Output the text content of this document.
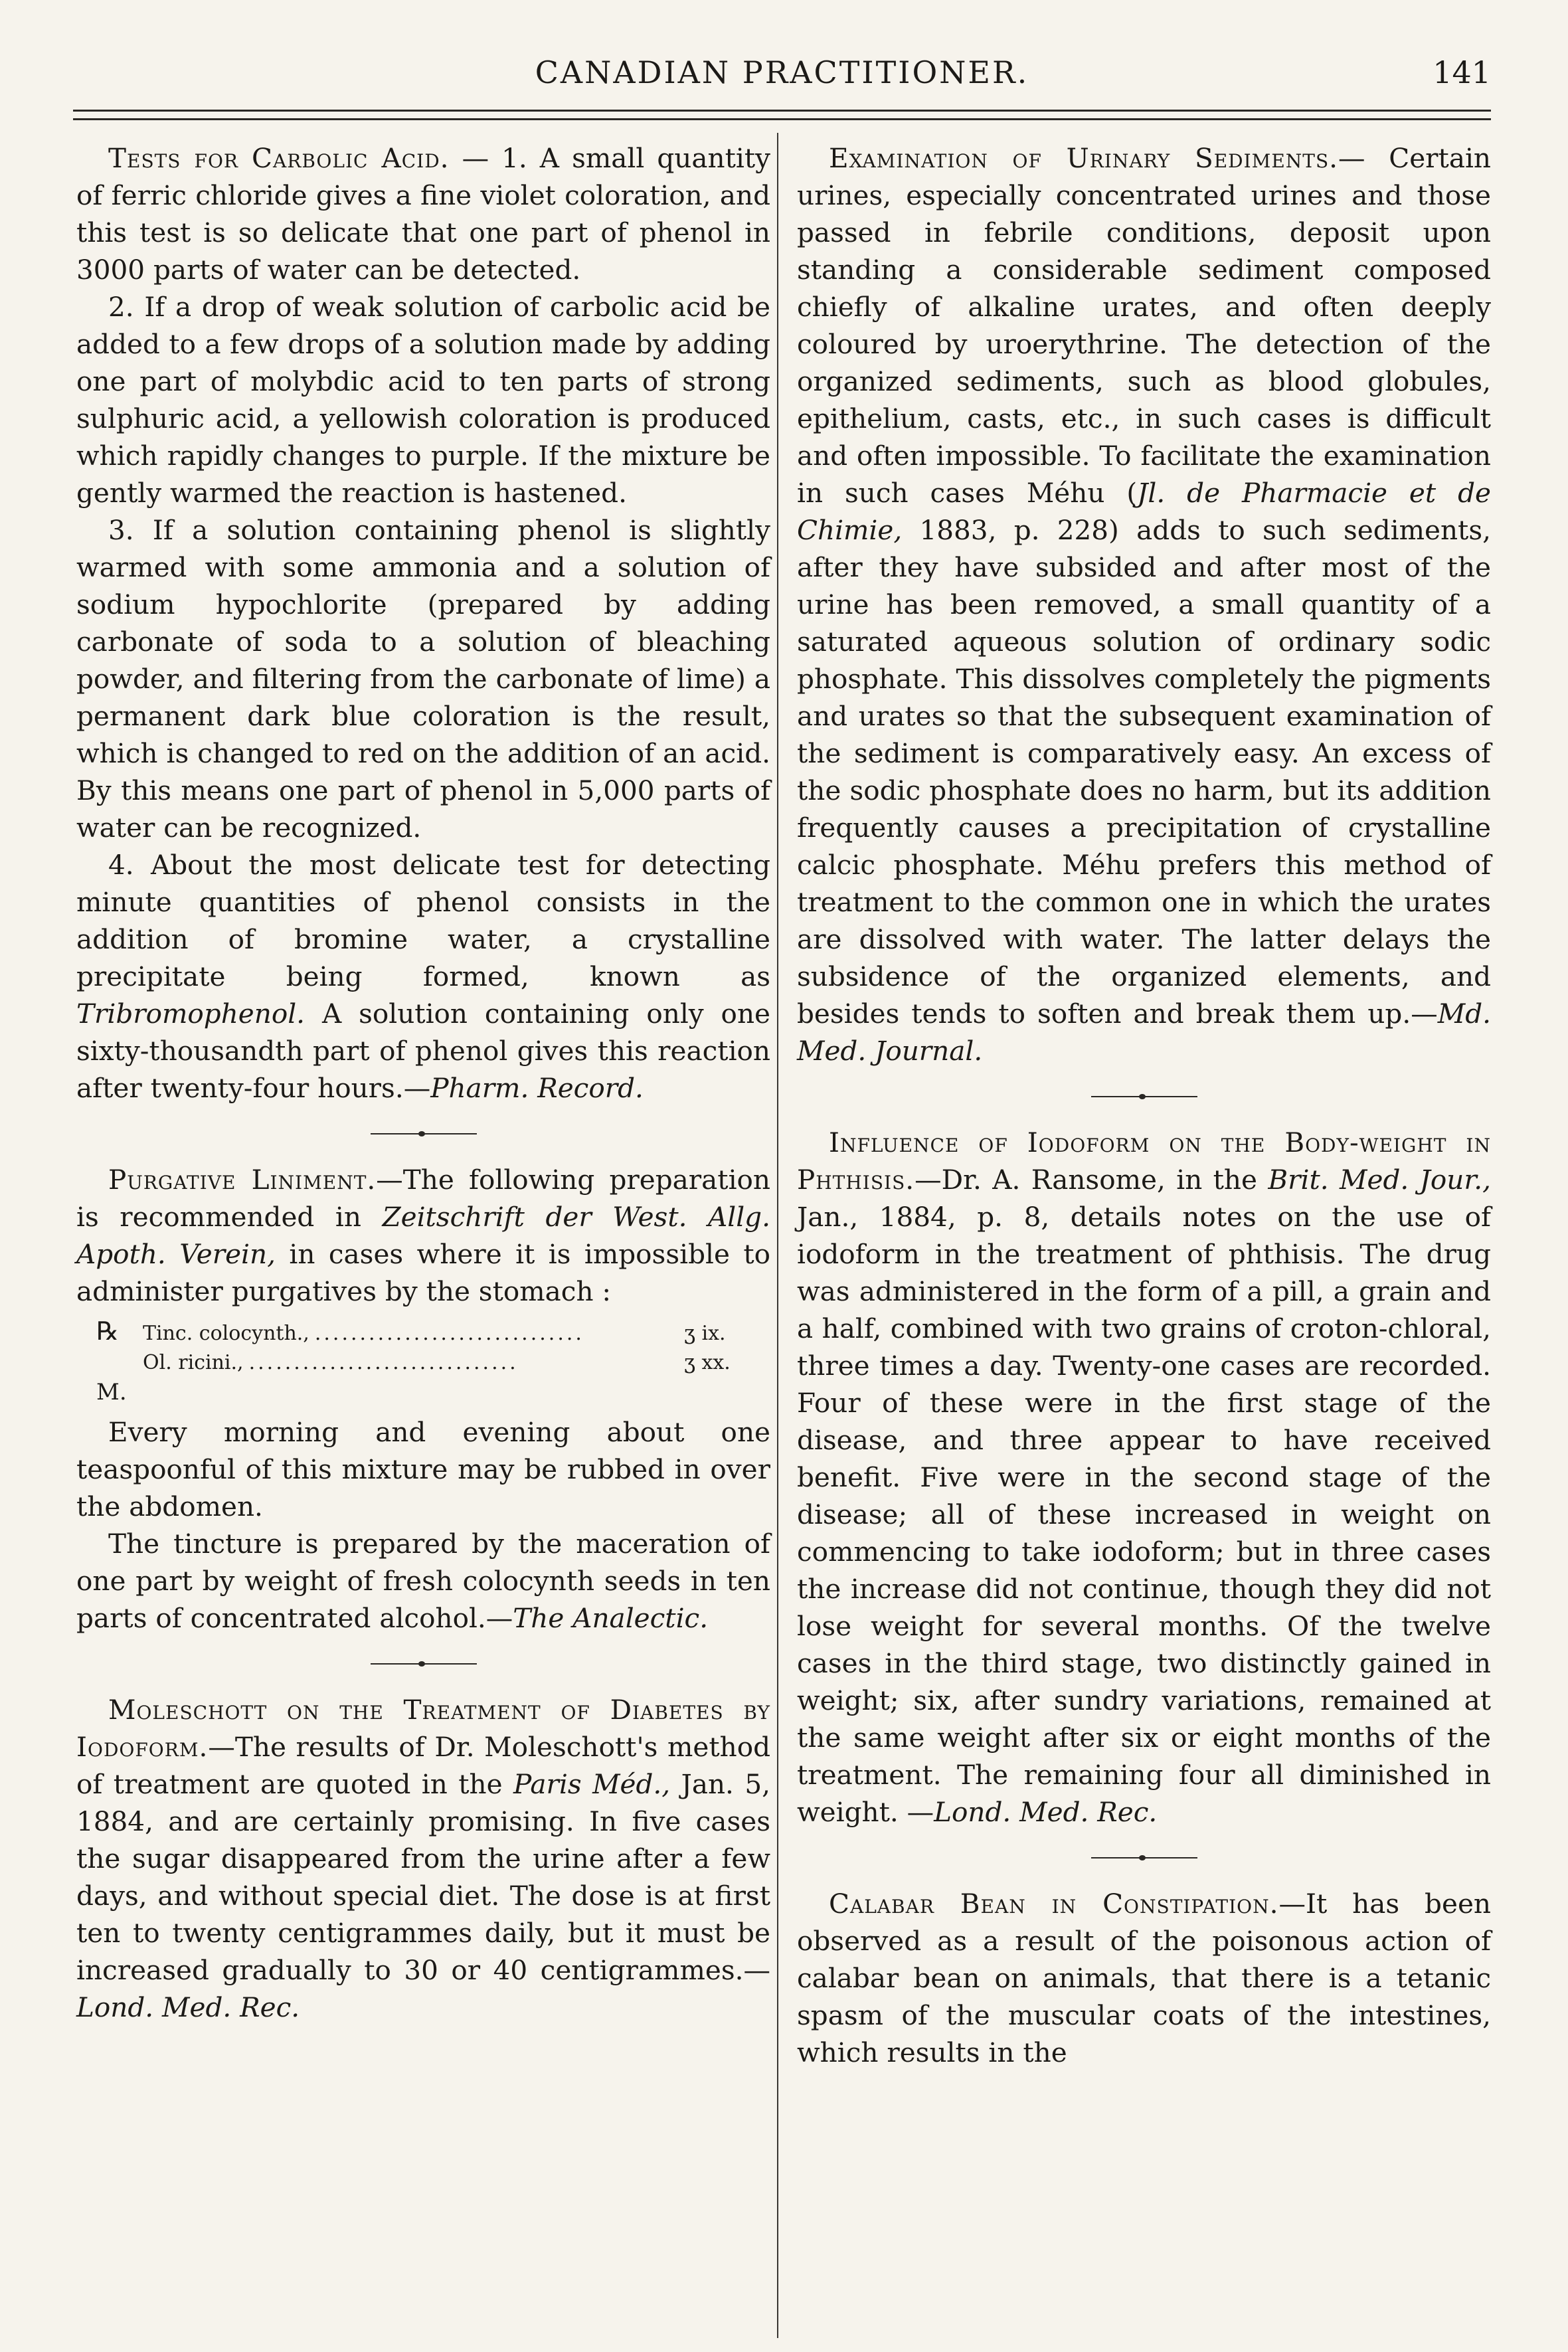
CANADIAN PRACTITIONER.	141

Tests for Carbolic Acid. — 1. A small quantity of ferric chloride gives a fine violet coloration, and this test is so delicate that one part of phenol in 3000 parts of water can be detected.

2. If a drop of weak solution of carbolic acid be added to a few drops of a solution made by adding one part of molybdic acid to ten parts of strong sulphuric acid, a yellowish coloration is produced which rapidly changes to purple. If the mixture be gently warmed the reaction is hastened.

3. If a solution containing phenol is slightly warmed with some ammonia and a solution of sodium hypochlorite (prepared by adding carbonate of soda to a solution of bleaching powder, and filtering from the carbonate of lime) a permanent dark blue coloration is the result, which is changed to red on the addition of an acid. By this means one part of phenol in 5,000 parts of water can be recognized.

4. About the most delicate test for detecting minute quantities of phenol consists in the addition of bromine water, a crystalline precipitate being formed, known as Tribromophenol. A solution containing only one sixty-thousandth part of phenol gives this reaction after twenty-four hours.—Pharm. Record.

Purgative Liniment.—The following preparation is recommended in Zeitschrift der West. Allg. Apoth. Verein, in cases where it is impossible to administer purgatives by the stomach :

℞	Tinc. colocynth., ..............................	ʒ ix.
Ol. ricini., ..............................	ʒ xx.
M.

Every morning and evening about one teaspoonful of this mixture may be rubbed in over the abdomen.

The tincture is prepared by the maceration of one part by weight of fresh colocynth seeds in ten parts of concentrated alcohol.—The Analectic.

Moleschott on the Treatment of Diabetes by Iodoform.—The results of Dr. Moleschott's method of treatment are quoted in the Paris Méd., Jan. 5, 1884, and are certainly promising. In five cases the sugar disappeared from the urine after a few days, and without special diet. The dose is at first ten to twenty centigrammes daily, but it must be increased gradually to 30 or 40 centigrammes.—Lond. Med. Rec.

Examination of Urinary Sediments.— Certain urines, especially concentrated urines and those passed in febrile conditions, deposit upon standing a considerable sediment composed chiefly of alkaline urates, and often deeply coloured by uroerythrine. The detection of the organized sediments, such as blood globules, epithelium, casts, etc., in such cases is difficult and often impossible. To facilitate the examination in such cases Méhu (Jl. de Pharmacie et de Chimie, 1883, p. 228) adds to such sediments, after they have subsided and after most of the urine has been removed, a small quantity of a saturated aqueous solution of ordinary sodic phosphate. This dissolves completely the pigments and urates so that the subsequent examination of the sediment is comparatively easy. An excess of the sodic phosphate does no harm, but its addition frequently causes a precipitation of crystalline calcic phosphate. Méhu prefers this method of treatment to the common one in which the urates are dissolved with water. The latter delays the subsidence of the organized elements, and besides tends to soften and break them up.—Md. Med. Journal.

Influence of Iodoform on the Body-weight in Phthisis.—Dr. A. Ransome, in the Brit. Med. Jour., Jan., 1884, p. 8, details notes on the use of iodoform in the treatment of phthisis. The drug was administered in the form of a pill, a grain and a half, combined with two grains of croton-chloral, three times a day. Twenty-one cases are recorded. Four of these were in the first stage of the disease, and three appear to have received benefit. Five were in the second stage of the disease; all of these increased in weight on commencing to take iodoform; but in three cases the increase did not continue, though they did not lose weight for several months. Of the twelve cases in the third stage, two distinctly gained in weight; six, after sundry variations, remained at the same weight after six or eight months of the treatment. The remaining four all diminished in weight. —Lond. Med. Rec.

Calabar Bean in Constipation.—It has been observed as a result of the poisonous action of calabar bean on animals, that there is a tetanic spasm of the muscular coats of the intestines, which results in the
